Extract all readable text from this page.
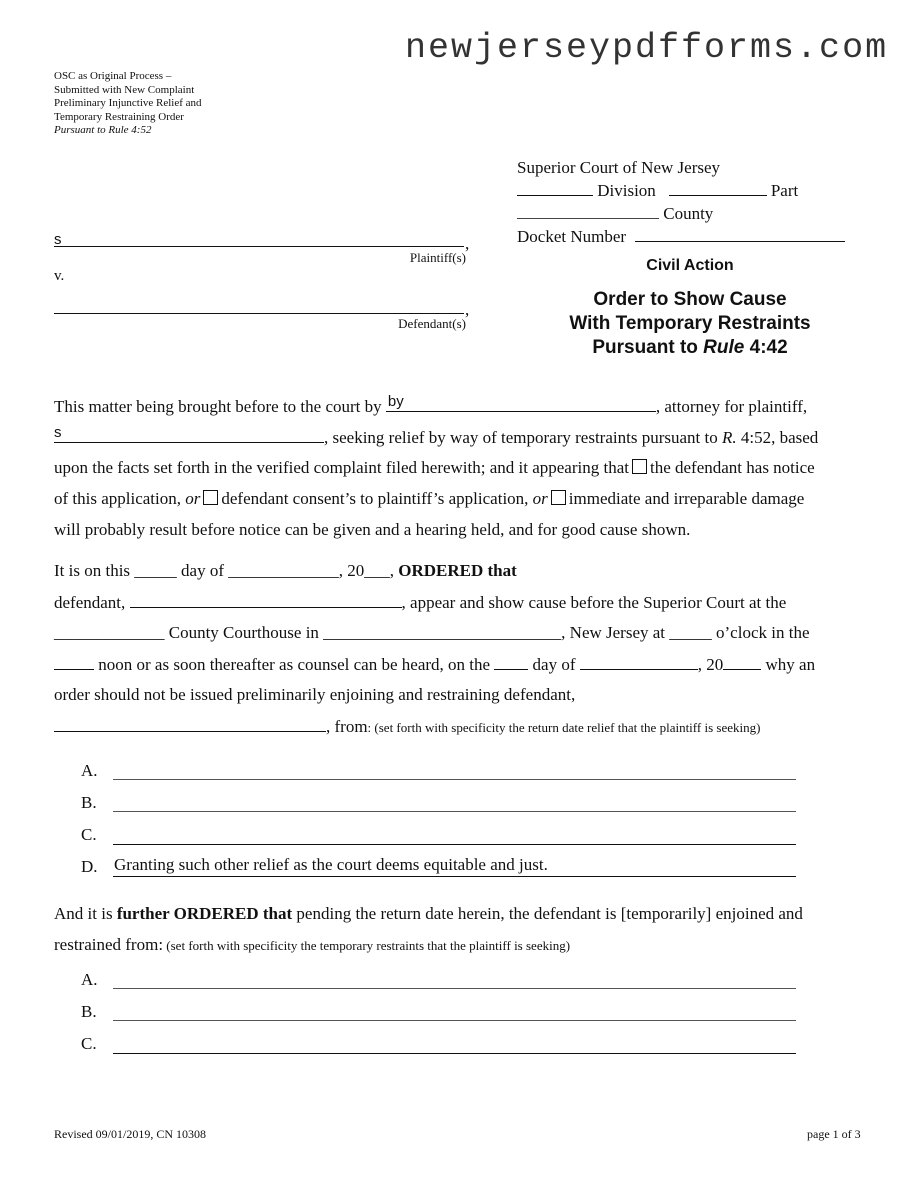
newjerseypdfforms.com
OSC as Original Process –
Submitted with New Complaint
Preliminary Injunctive Relief and
Temporary Restraining Order
Pursuant to Rule 4:52
Superior Court of New Jersey
Division	Part
County
Docket Number
s	,
Plaintiff(s)
v.
,
Defendant(s)
Civil Action
Order to Show Cause
With Temporary Restraints
Pursuant to Rule 4:42
This matter being brought before to the court by by	, attorney for plaintiff,
s	, seeking relief by way of temporary restraints pursuant to R. 4:52, based
upon the facts set forth in the verified complaint filed herewith; and it appearing that the defendant has notice
of this application, or defendant consent’s to plaintiff’s application, or immediate and irreparable damage
will probably result before notice can be given and a hearing held, and for good cause shown.
It is on this _____ day of _____________, 20___, ORDERED that
defendant,	, appear and show cause before the Superior Court at the
_____________ County Courthouse in ____________________________, New Jersey at _____ o’clock in the
noon or as soon thereafter as counsel can be heard, on the	day of	, 20 why an
order should not be issued preliminarily enjoining and restraining defendant,
, from: (set forth with specificity the return date relief that the plaintiff is seeking)
A.
B.
C.
D. Granting such other relief as the court deems equitable and just.
And it is further ORDERED that pending the return date herein, the defendant is [temporarily] enjoined and
restrained from: (set forth with specificity the temporary restraints that the plaintiff is seeking)
A.
B.
C.
Revised 09/01/2019, CN 10308	page 1 of 3
